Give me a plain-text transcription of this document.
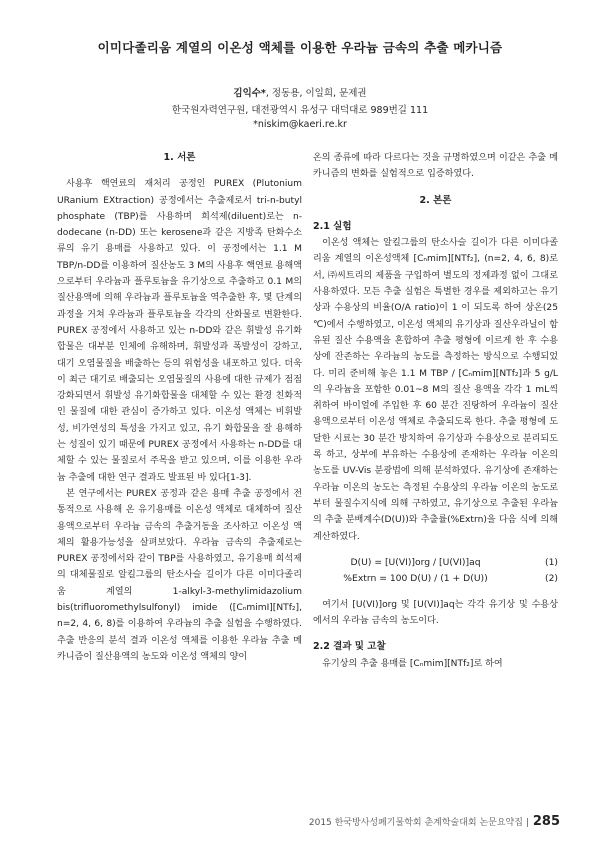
이미다졸리움 계열의 이온성 액체를 이용한 우라늄 금속의 추출 메카니즘
김익수*, 정동용, 이일희, 문제권
한국원자력연구원, 대전광역시 유성구 대덕대로 989번길 111
*niskim@kaeri.re.kr
1. 서론

사용후 핵연료의 재처리 공정인 PUREX (Plutonium URanium EXtraction) 공정에서는 추출제로서 tri-n-butyl phosphate (TBP)를 사용하며 희석제(diluent)로는 n-dodecane (n-DD) 또는 kerosene과 같은 지방족 탄화수소류의 유기 용매를 사용하고 있다. 이 공정에서는 1.1 M TBP/n-DD를 이용하여 질산농도 3 M의 사용후 핵연료 용해액으로부터 우라늄과 플루토늄을 유기상으로 추출하고 0.1 M의 질산용액에 의해 우라늄과 플루토늄을 역추출한 후, 몇 단계의 과정을 거쳐 우라늄과 플루토늄을 각각의 산화물로 변환한다. PUREX 공정에서 사용하고 있는 n-DD와 같은 휘발성 유기화합물은 대부분 인체에 유해하며, 휘발성과 폭발성이 강하고, 대기 오염물질을 배출하는 등의 위험성을 내포하고 있다. 더욱이 최근 대기로 배출되는 오염물질의 사용에 대한 규제가 점점 강화되면서 휘발성 유기화합물을 대체할 수 있는 환경 친화적인 물질에 대한 관심이 증가하고 있다. 이온성 액체는 비휘발성, 비가연성의 특성을 가지고 있고, 유기 화합물을 잘 용해하는 성질이 있기 때문에 PUREX 공정에서 사용하는 n-DD를 대체할 수 있는 물질로서 주목을 받고 있으며, 이를 이용한 우라늄 추출에 대한 연구 결과도 발표된 바 있다[1-3].

본 연구에서는 PUREX 공정과 같은 용매 추출 공정에서 전통적으로 사용해 온 유기용매를 이온성 액체로 대체하여 질산용액으로부터 우라늄 금속의 추출거동을 조사하고 이온성 액체의 활용가능성을 살펴보았다. 우라늄 금속의 추출제로는 PUREX 공정에서와 같이 TBP를 사용하였고, 유기용매 희석제의 대체물질로 알킬그룹의 탄소사슬 길이가 다른 이미다졸리움 계열의 1-alkyl-3-methylimidazolium bis(trifluoromethylsulfonyl) imide ([CₙmimI][NTf₂], n=2, 4, 6, 8)를 이용하여 우라늄의 추출 실험을 수행하였다. 추출 반응의 분석 결과 이온성 액체를 이용한 우라늄 추출 메카니즘이 질산용액의 농도와 이온성 액체의 양이

온의 종류에 따라 다르다는 것을 규명하였으며 이같은 추출 메카니즘의 변화를 실험적으로 입증하였다.

2. 본론
2.1 실험

이온성 액체는 알킬그룹의 탄소사슬 길이가 다른 이미다졸리움 계열의 이온성액체 [Cₙmim][NTf₂], (n=2, 4, 6, 8)로서, ㈜씨트리의 제품을 구입하여 별도의 정제과정 없이 그대로 사용하였다. 모든 추출 실험은 특별한 경우를 제외하고는 유기상과 수용상의 비율(O/A ratio)이 1 이 되도록 하여 상온(25 ℃)에서 수행하였고, 이온성 액체의 유기상과 질산우라닐이 함유된 질산 수용액을 혼합하여 추출 평형에 이르게 한 후 수용상에 잔존하는 우라늄의 농도를 측정하는 방식으로 수행되었다. 미리 준비해 놓은 1.1 M TBP / [Cₙmim][NTf₂]과 5 g/L의 우라늄을 포함한 0.01~8 M의 질산 용액을 각각 1 mL씩 취하여 바이얼에 주입한 후 60 분간 진탕하여 우라늄이 질산용액으로부터 이온성 액체로 추출되도록 한다. 추출 평형에 도달한 시료는 30 분간 방치하여 유기상과 수용상으로 분리되도록 하고, 상부에 부유하는 수용상에 존재하는 우라늄 이온의 농도를 UV-Vis 분광법에 의해 분석하였다. 유기상에 존재하는 우라늄 이온의 농도는 측정된 수용상의 우라늄 이온의 농도로부터 물질수지식에 의해 구하였고, 유기상으로 추출된 우라늄의 추출 분배계수(D(U))와 추출률(%Extrn)을 다음 식에 의해 계산하였다.

D(U) = [U(VI)]org / [U(VI)]aq	(1)
%Extrn = 100 D(U) / (1 + D(U))	(2)

여기서 [U(VI)]org 및 [U(VI)]aq는 각각 유기상 및 수용상에서의 우라늄 금속의 농도이다.

2.2 결과 및 고찰

유기상의 추출 용매를 [Cₙmim][NTf₂]로 하여

2015 한국방사성폐기물학회 춘계학술대회 논문요약집 | 285
